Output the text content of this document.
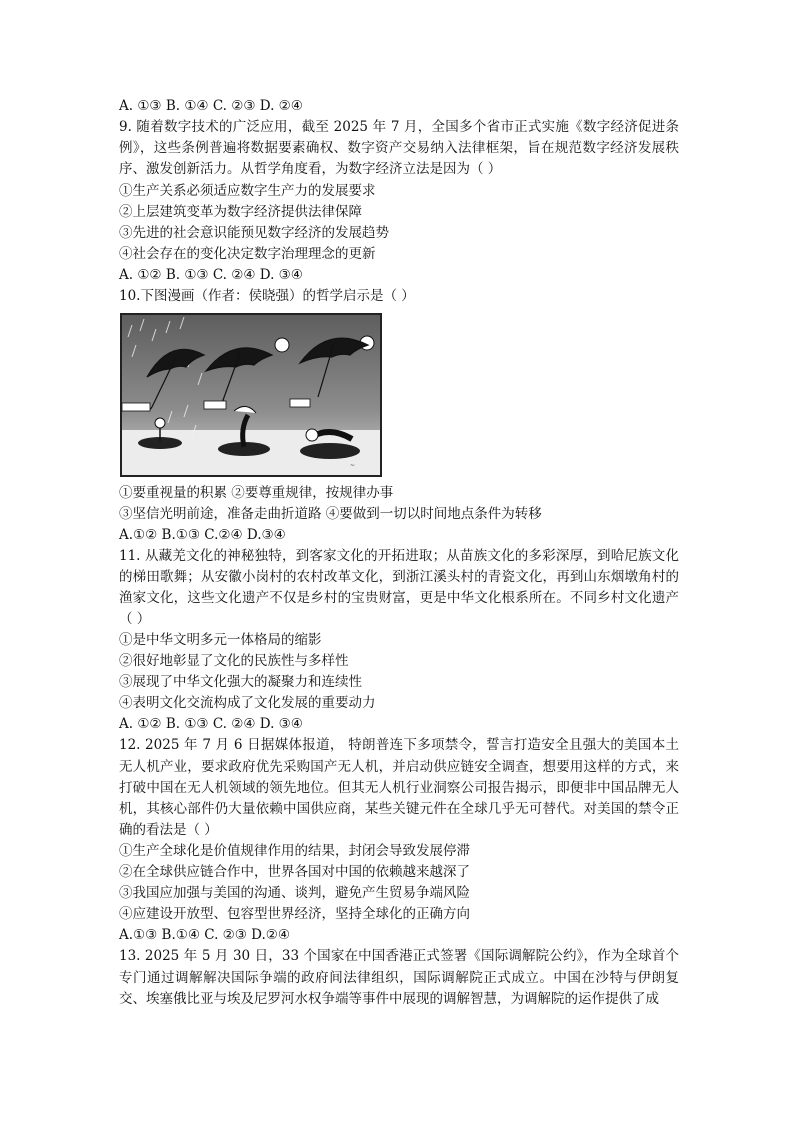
A. ①③ B. ①④ C. ②③ D. ②④
9. 随着数字技术的广泛应用，截至 2025 年 7 月，全国多个省市正式实施《数字经济促进条例》，这些条例普遍将数据要素确权、数字资产交易纳入法律框架，旨在规范数字经济发展秩序、激发创新活力。从哲学角度看，为数字经济立法是因为（ ）
①生产关系必须适应数字生产力的发展要求
②上层建筑变革为数字经济提供法律保障
③先进的社会意识能预见数字经济的发展趋势
④社会存在的变化决定数字治理理念的更新
A. ①② B. ①③ C. ②④ D. ③④
10.下图漫画（作者：侯晓强）的哲学启示是（ ）
~
①要重视量的积累 ②要尊重规律，按规律办事
③坚信光明前途，准备走曲折道路 ④要做到一切以时间地点条件为转移
A.①② B.①③ C.②④ D.③④
11. 从藏羌文化的神秘独特，到客家文化的开拓进取；从苗族文化的多彩深厚，到哈尼族文化的梯田歌舞；从安徽小岗村的农村改革文化，到浙江溪头村的青瓷文化，再到山东烟墩角村的渔家文化，这些文化遗产不仅是乡村的宝贵财富，更是中华文化根系所在。不同乡村文化遗产（ ）
①是中华文明多元一体格局的缩影
②很好地彰显了文化的民族性与多样性
③展现了中华文化强大的凝聚力和连续性
④表明文化交流构成了文化发展的重要动力
A. ①② B. ①③ C. ②④ D. ③④
12. 2025 年 7 月 6 日据媒体报道， 特朗普连下多项禁令，誓言打造安全且强大的美国本土无人机产业，要求政府优先采购国产无人机，并启动供应链安全调查，想要用这样的方式，来打破中国在无人机领域的领先地位。但其无人机行业洞察公司报告揭示，即便非中国品牌无人机，其核心部件仍大量依赖中国供应商，某些关键元件在全球几乎无可替代。对美国的禁令正确的看法是（ ）
①生产全球化是价值规律作用的结果，封闭会导致发展停滞
②在全球供应链合作中，世界各国对中国的依赖越来越深了
③我国应加强与美国的沟通、谈判，避免产生贸易争端风险
④应建设开放型、包容型世界经济，坚持全球化的正确方向
A.①③ B.①④ C. ②③ D.②④
13. 2025 年 5 月 30 日，33 个国家在中国香港正式签署《国际调解院公约》，作为全球首个专门通过调解解决国际争端的政府间法律组织，国际调解院正式成立。中国在沙特与伊朗复交、埃塞俄比亚与埃及尼罗河水权争端等事件中展现的调解智慧，为调解院的运作提供了成
